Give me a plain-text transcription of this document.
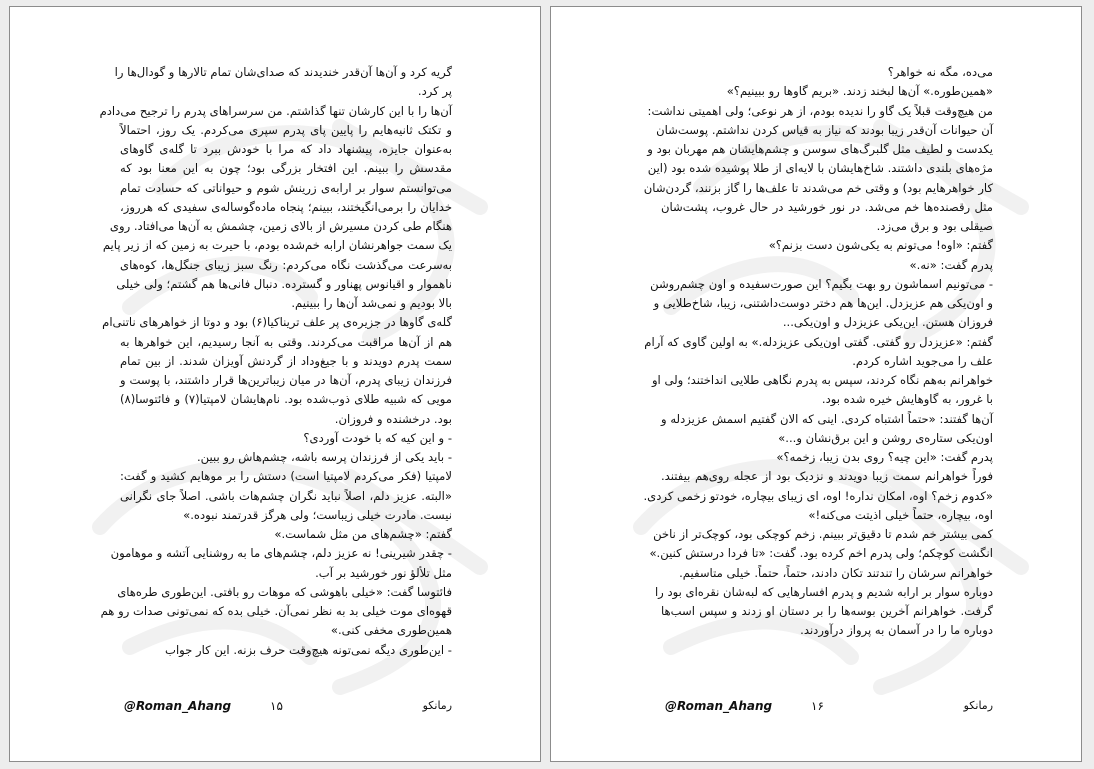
گریه کرد و آن‌ها آن‌قدر خندیدند که صدای‌شان تمام تالارها و گودال‌ها را
پر کرد.
آن‌ها را با این کارشان تنها گذاشتم. من سرسراهای پدرم را ترجیح می‌دادم
و تکتک ثانیه‌هایم را پایین پای پدرم سپری می‌کردم. یک روز، احتمالاً
به‌عنوان جایزه، پیشنهاد داد که مرا با خودش ببرد تا گله‌ی گاوهای
مقدسش را ببینم. این افتخار بزرگی بود؛ چون به این معنا بود که
می‌توانستم سوار بر ارابه‌ی زرینش شوم و حیواناتی که حسادت تمام
خدایان را برمی‌انگیختند، ببینم؛ پنجاه ماده‌گوساله‌ی سفیدی که هرروز،
هنگام طی کردن مسیرش از بالای زمین، چشمش به آن‌ها می‌افتاد. روی
یک سمت جواهرنشان ارابه خم‌شده بودم، با حیرت به زمین که از زیر پایم
به‌سرعت می‌گذشت نگاه می‌کردم: رنگ سبز زیبای جنگل‌ها، کوه‌های
ناهموار و اقیانوس پهناور و گسترده. دنبال فانی‌ها هم گشتم؛ ولی خیلی
بالا بودیم و نمی‌شد آن‌ها را ببینیم.
گله‌ی گاوها در جزیره‌ی پر علف ترینا‌کیا(۶) بود و دوتا از خواهرهای ناتنی‌ام
هم از آن‌ها مراقبت می‌کردند. وقتی به آنجا رسیدیم، این خواهرها به
سمت پدرم دویدند و با جیغ‌وداد از گردنش آویزان شدند. از بین تمام
فرزندان زیبای پدرم، آن‌ها در میان زیباترین‌ها قرار داشتند، با پوست و
مویی که شبیه طلای ذوب‌شده بود. نام‌هایشان لامپتیا(۷) و فائتوسا(۸)
بود. درخشنده و فروزان.
- و این کیه که با خودت آوردی؟
- باید یکی از فرزندان پرسه باشه، چشم‌هاش رو ببین.
لامپتیا (فکر می‌کردم لامپتیا است) دستش را بر موهایم کشید و گفت:
«البته. عزیز دلم، اصلاً نباید نگران چشم‌هات باشی. اصلاً جای نگرانی
نیست. مادرت خیلی زیباست؛ ولی هرگز قدرتمند نبوده.»
گفتم: «چشم‌های من مثل شماست.»
- چقدر شیرینی! نه عزیز دلم، چشم‌های ما به روشنایی آتشه و موهامون
مثل تلألؤ نور خورشید بر آب.
فائتوسا گفت: «خیلی باهوشی که موهات رو بافتی. این‌طوری طره‌های
قهوه‌ای موت خیلی بد به نظر نمی‌آن. خیلی بده که نمی‌تونی صدات رو هم
همین‌طوری مخفی کنی.»
- این‌طوری دیگه نمی‌تونه هیچ‌وقت حرف بزنه. این کار جواب
@Roman_Ahang	۱۵	رمانکو
می‌ده، مگه نه خواهر؟
«همین‌طوره.» آن‌ها لبخند زدند. «بریم گاوها رو ببینیم؟»
من هیچ‌وقت قبلاً یک گاو را ندیده بودم، از هر نوعی؛ ولی اهمیتی نداشت:
آن حیوانات آن‌قدر زیبا بودند که نیاز به قیاس کردن نداشتم. پوست‌شان
یکدست و لطیف مثل گلبرگ‌های سوسن و چشم‌هایشان هم مهربان بود و
مژه‌های بلندی داشتند. شاخ‌هایشان با لایه‌ای از طلا پوشیده شده بود (این
کار خواهرهایم بود) و وقتی خم می‌شدند تا علف‌ها را گاز بزنند، گردن‌شان
مثل رقصنده‌ها خم می‌شد. در نور خورشید در حال غروب، پشت‌شان
صیقلی بود و برق می‌زد.
گفتم: «اوه! می‌تونم به یکی‌شون دست بزنم؟»
پدرم گفت: «نه.»
- می‌تونیم اسماشون رو بهت بگیم؟ این صورت‌سفیده و اون چشم‌روشن
و اون‌یکی هم عزیزدل. این‌ها هم دختر دوست‌داشتنی، زیبا، شاخ‌طلایی و
فروزان هستن. این‌یکی عزیزدل و اون‌یکی...
گفتم: «عزیزدل رو گفتی. گفتی اون‌یکی عزیزدله.» به اولین گاوی که آرام
علف را می‌جوید اشاره کردم.
خواهرانم به‌هم نگاه کردند، سپس به پدرم نگاهی طلایی انداختند؛ ولی او
با غرور، به گاوهایش خیره شده بود.
آن‌ها گفتند: «حتماً اشتباه کردی. اینی که الان گفتیم اسمش عزیزدله و
اون‌یکی ستاره‌ی روشن و این برق‌نشان و...»
پدرم گفت: «این چیه؟ روی بدن زیبا، زخمه؟»
فوراً خواهرانم سمت زیبا دویدند و نزدیک بود از عجله روی‌هم بیفتند.
«کدوم زخم؟ اوه، امکان نداره! اوه، ای زیبای بیچاره، خودتو زخمی کردی.
اوه، بیچاره، حتماً خیلی اذیتت می‌کنه!»
کمی بیشتر خم شدم تا دقیق‌تر ببینم. زخم کوچکی بود، کوچک‌تر از ناخن
انگشت کوچکم؛ ولی پدرم اخم کرده بود. گفت: «تا فردا درستش کنین.»
خواهرانم سرشان را تندتند تکان دادند، حتماً، حتماً. خیلی متاسفیم.
دوباره سوار بر ارابه شدیم و پدرم افسارهایی که لبه‌شان نقره‌ای بود را
گرفت. خواهرانم آخرین بوسه‌ها را بر دستان او زدند و سپس اسب‌ها
دوباره ما را در آسمان به پرواز درآوردند.
@Roman_Ahang	۱۶	رمانکو
